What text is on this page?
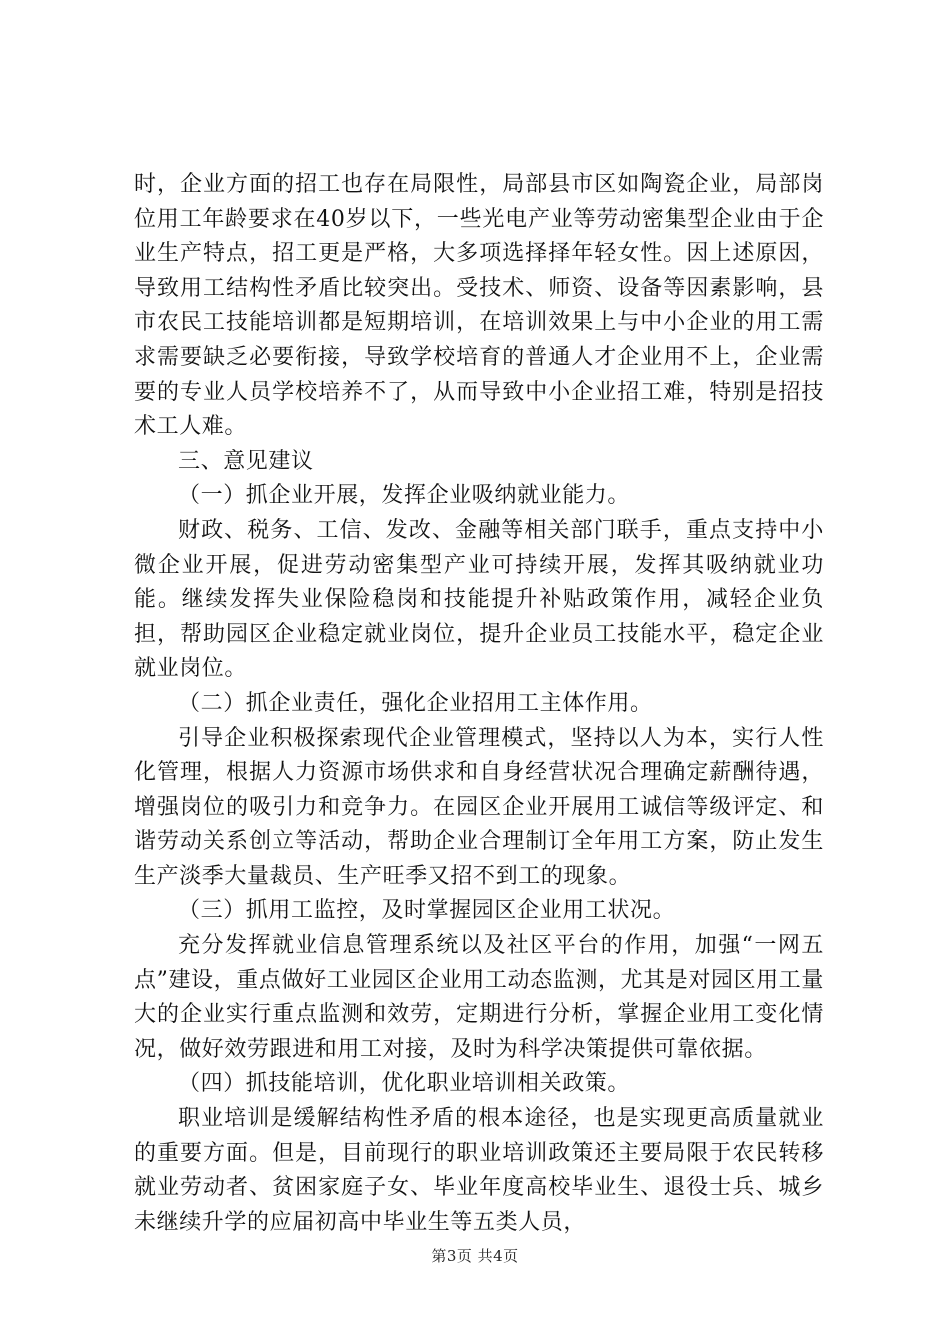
时，企业方面的招工也存在局限性，局部县市区如陶瓷企业，局部岗位用工年龄要求在40岁以下，一些光电产业等劳动密集型企业由于企业生产特点，招工更是严格，大多项选择择年轻女性。因上述原因，导致用工结构性矛盾比较突出。受技术、师资、设备等因素影响，县市农民工技能培训都是短期培训，在培训效果上与中小企业的用工需求需要缺乏必要衔接，导致学校培育的普通人才企业用不上，企业需要的专业人员学校培养不了，从而导致中小企业招工难，特别是招技术工人难。

三、意见建议

（一）抓企业开展，发挥企业吸纳就业能力。

财政、税务、工信、发改、金融等相关部门联手，重点支持中小微企业开展，促进劳动密集型产业可持续开展，发挥其吸纳就业功能。继续发挥失业保险稳岗和技能提升补贴政策作用，减轻企业负担，帮助园区企业稳定就业岗位，提升企业员工技能水平，稳定企业就业岗位。

（二）抓企业责任，强化企业招用工主体作用。

引导企业积极探索现代企业管理模式，坚持以人为本，实行人性化管理，根据人力资源市场供求和自身经营状况合理确定薪酬待遇，增强岗位的吸引力和竞争力。在园区企业开展用工诚信等级评定、和谐劳动关系创立等活动，帮助企业合理制订全年用工方案，防止发生生产淡季大量裁员、生产旺季又招不到工的现象。

（三）抓用工监控，及时掌握园区企业用工状况。

充分发挥就业信息管理系统以及社区平台的作用，加强“一网五点”建设，重点做好工业园区企业用工动态监测，尤其是对园区用工量大的企业实行重点监测和效劳，定期进行分析，掌握企业用工变化情况，做好效劳跟进和用工对接，及时为科学决策提供可靠依据。

（四）抓技能培训，优化职业培训相关政策。

职业培训是缓解结构性矛盾的根本途径，也是实现更高质量就业的重要方面。但是，目前现行的职业培训政策还主要局限于农民转移就业劳动者、贫困家庭子女、毕业年度高校毕业生、退役士兵、城乡未继续升学的应届初高中毕业生等五类人员，

第3页 共4页
